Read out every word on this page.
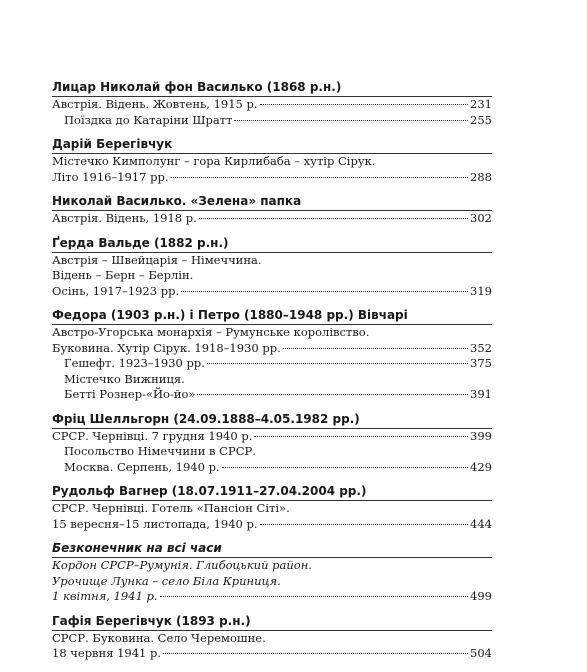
Лицар Николай фон Василько (1868 р.н.)
Австрія. Відень. Жовтень, 1915 р.	231
Поїздка до Катаріни Шратт	255
Дарій Берегівчук
Містечко Кимполунг – гора Кирлибаба – хутір Сірук.
Літо 1916–1917 рр.	288
Николай Василько. «Зелена» папка
Австрія. Відень, 1918 р.	302
Ґерда Вальде (1882 р.н.)
Австрія – Швейцарія – Німеччина.
Відень – Берн – Берлін.
Осінь, 1917–1923 рр.	319
Федора (1903 р.н.) і Петро (1880–1948 рр.) Вівчарі
Австро-Угорська монархія – Румунське королівство.
Буковина. Хутір Сірук. 1918–1930 рр.	352
Гешефт. 1923–1930 рр.	375
Містечко Вижниця.
Бетті Рознер-«Йо-йо»	391
Фріц Шелльгорн (24.09.1888–4.05.1982 рр.)
СРСР. Чернівці. 7 грудня 1940 р.	399
Посольство Німеччини в СРСР.
Москва. Серпень, 1940 р.	429
Рудольф Вагнер (18.07.1911–27.04.2004 рр.)
СРСР. Чернівці. Готель «Пансіон Сіті».
15 вересня–15 листопада, 1940 р.	444
Безконечник на всі часи
Кордон СРСР–Румунія. Глибоцький район.
Урочище Лунка – село Біла Криниця.
1 квітня, 1941 р.	499
Гафія Берегівчук (1893 р.н.)
СРСР. Буковина. Село Черемошне.
18 червня 1941 р.	504
